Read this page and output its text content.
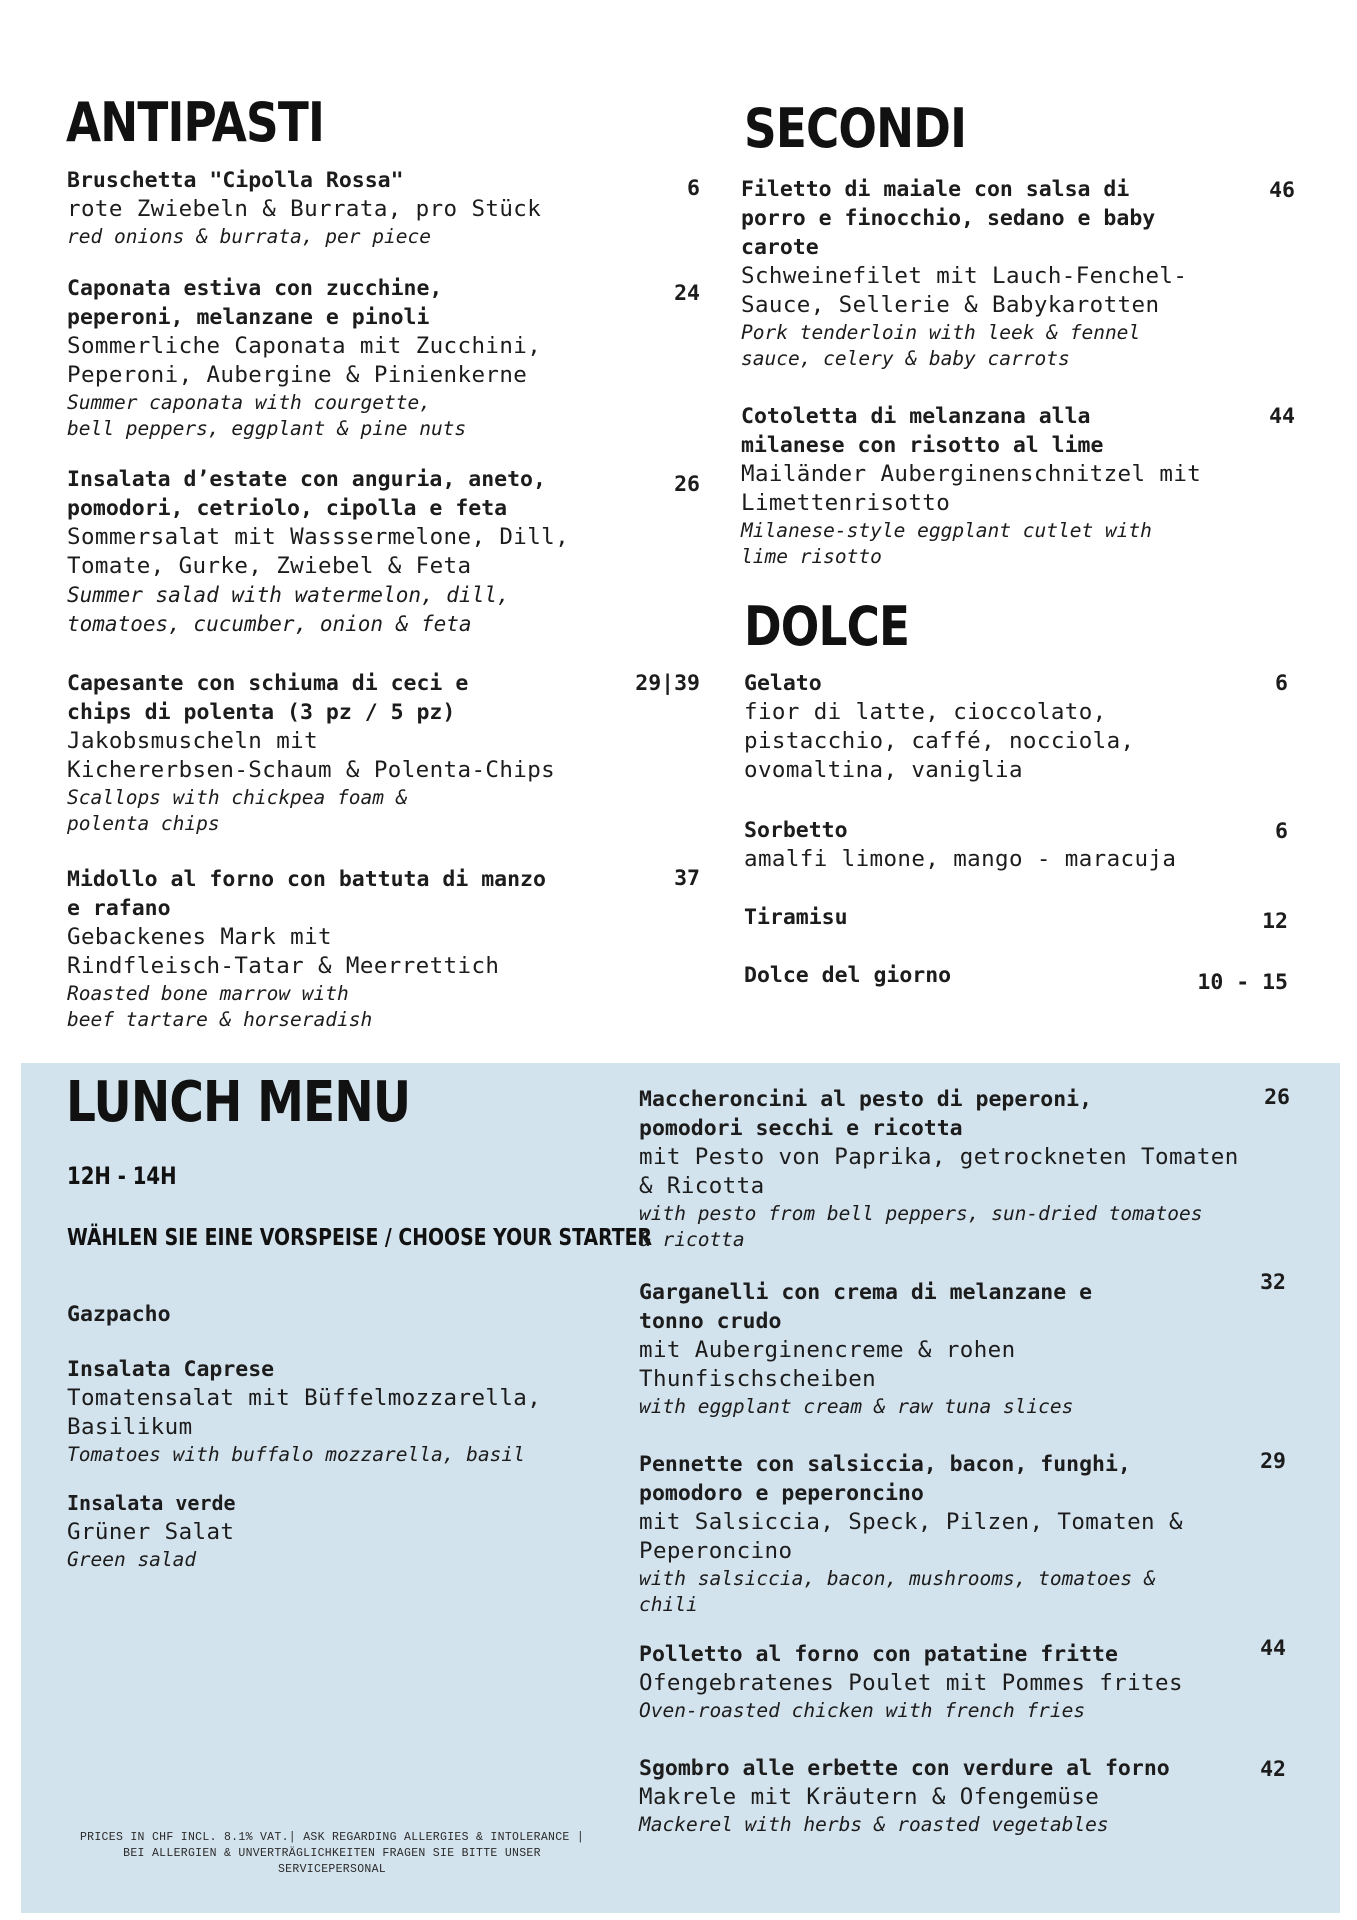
ANTIPASTI
Bruschetta "Cipolla Rossa"
rote Zwiebeln & Burrata, pro Stück
red onions & burrata, per piece
6
Caponata estiva con zucchine,
peperoni, melanzane e pinoli
Sommerliche Caponata mit Zucchini,
Peperoni, Aubergine & Pinienkerne
Summer caponata with courgette,
bell peppers, eggplant & pine nuts
24
Insalata d’estate con anguria, aneto,
pomodori, cetriolo, cipolla e feta
Sommersalat mit Wasssermelone, Dill,
Tomate, Gurke, Zwiebel & Feta
Summer salad with watermelon, dill,
tomatoes, cucumber, onion & feta
26
Capesante con schiuma di ceci e
chips di polenta (3 pz / 5 pz)
Jakobsmuscheln mit
Kichererbsen-Schaum & Polenta-Chips
Scallops with chickpea foam &
polenta chips
29|39
Midollo al forno con battuta di manzo
e rafano
Gebackenes Mark mit
Rindfleisch-Tatar & Meerrettich
Roasted bone marrow with
beef tartare & horseradish
37
SECONDI
Filetto di maiale con salsa di
porro e finocchio, sedano e baby
carote
Schweinefilet mit Lauch-Fenchel-
Sauce, Sellerie & Babykarotten
Pork tenderloin with leek & fennel
sauce, celery & baby carrots
46
Cotoletta di melanzana alla
milanese con risotto al lime
Mailänder Auberginenschnitzel mit
Limettenrisotto
Milanese-style eggplant cutlet with
lime risotto
44
DOLCE
Gelato
fior di latte, cioccolato,
pistacchio, caffé, nocciola,
ovomaltina, vaniglia
6
Sorbetto
amalfi limone, mango - maracuja
6
Tiramisu	12
Dolce del giorno	10 - 15
LUNCH MENU
12H - 14H
WÄHLEN SIE EINE VORSPEISE / CHOOSE YOUR STARTER
Gazpacho
Insalata Caprese
Tomatensalat mit Büffelmozzarella,
Basilikum
Tomatoes with buffalo mozzarella, basil
Insalata verde
Grüner Salat
Green salad
Maccheroncini al pesto di peperoni,
pomodori secchi e ricotta
mit Pesto von Paprika, getrockneten Tomaten
& Ricotta
with pesto from bell peppers, sun-dried tomatoes
& ricotta
26
Garganelli con crema di melanzane e
tonno crudo
mit Auberginencreme & rohen
Thunfischscheiben
with eggplant cream & raw tuna slices
32
Pennette con salsiccia, bacon, funghi,
pomodoro e peperoncino
mit Salsiccia, Speck, Pilzen, Tomaten &
Peperoncino
with salsiccia, bacon, mushrooms, tomatoes &
chili
29
Polletto al forno con patatine fritte
Ofengebratenes Poulet mit Pommes frites
Oven-roasted chicken with french fries
44
Sgombro alle erbette con verdure al forno
Makrele mit Kräutern & Ofengemüse
Mackerel with herbs & roasted vegetables
42
PRICES IN CHF INCL. 8.1% VAT.| ASK REGARDING ALLERGIES & INTOLERANCE |
BEI ALLERGIEN & UNVERTRÄGLICHKEITEN FRAGEN SIE BITTE UNSER
SERVICEPERSONAL
